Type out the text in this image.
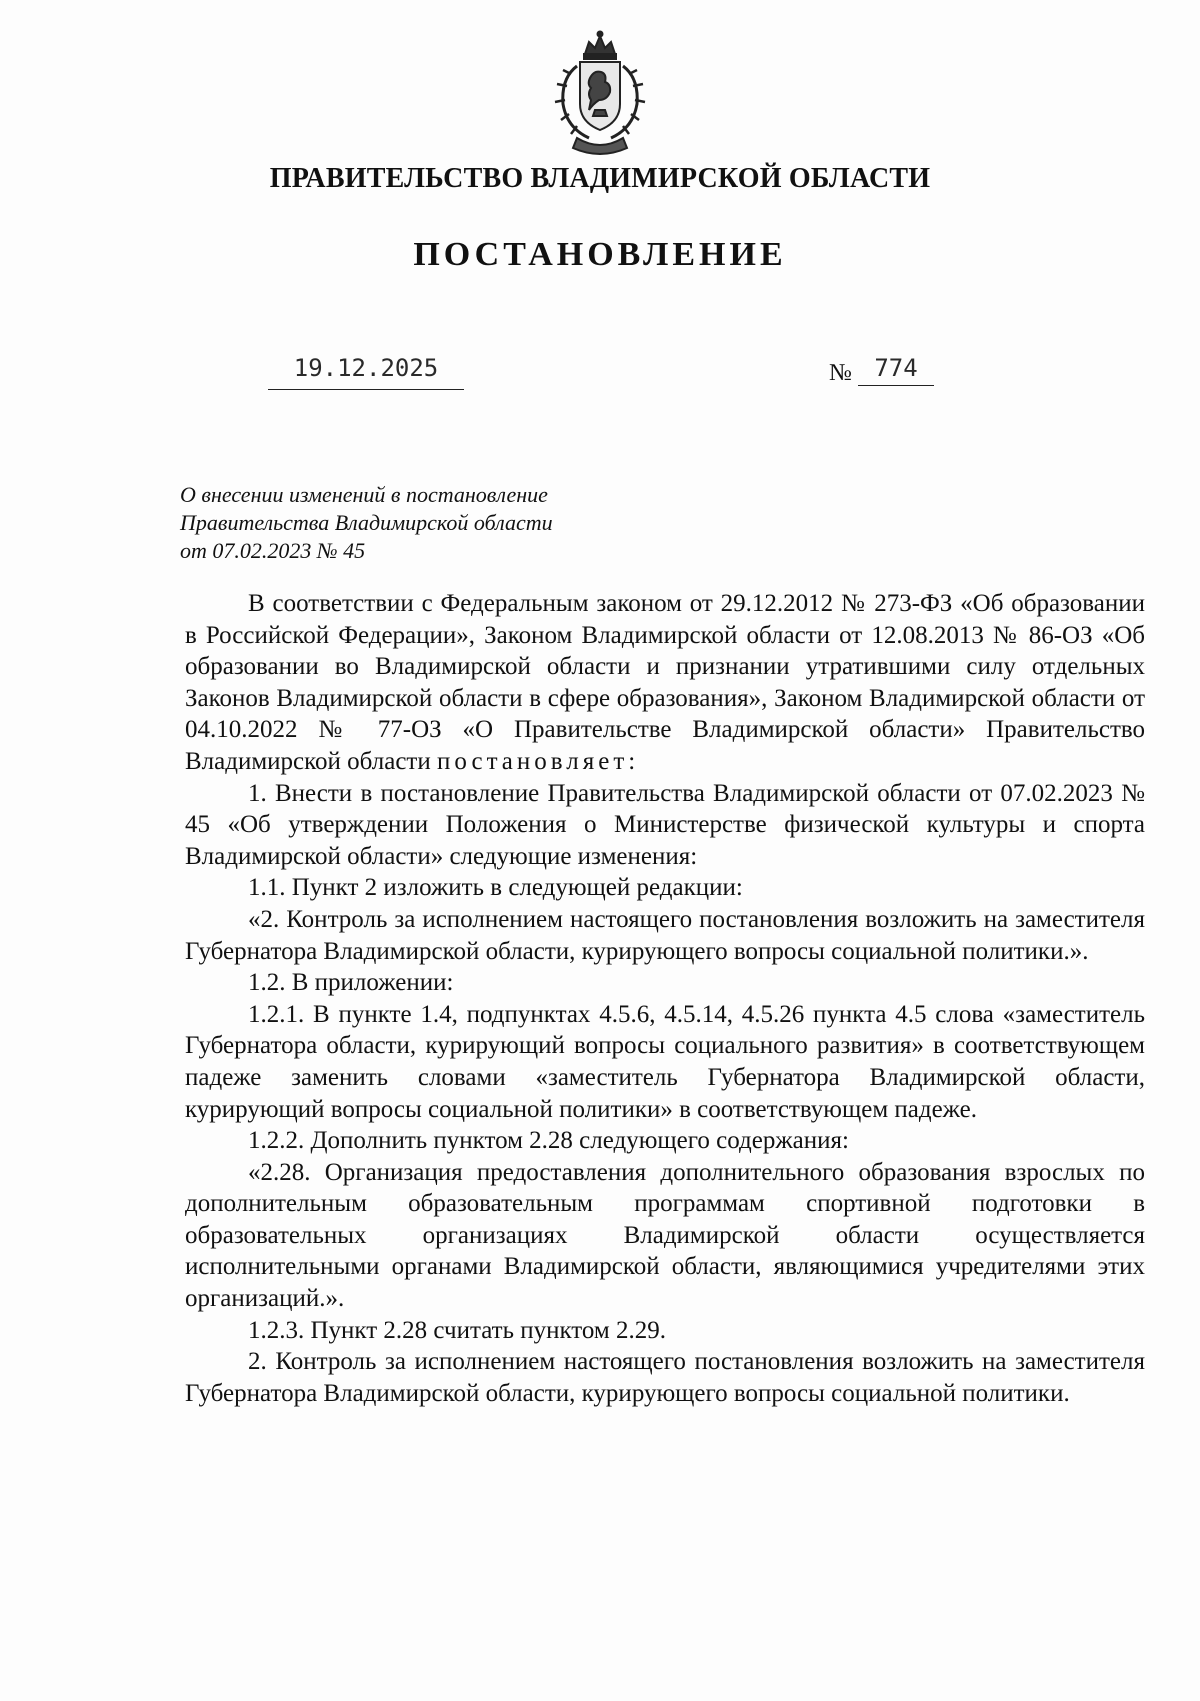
ПРАВИТЕЛЬСТВО ВЛАДИМИРСКОЙ ОБЛАСТИ
ПОСТАНОВЛЕНИЕ
19.12.2025	№ 774
О внесении изменений в постановление
Правительства Владимирской области
от 07.02.2023 № 45

В соответствии с Федеральным законом от 29.12.2012 № 273-ФЗ «Об образовании в Российской Федерации», Законом Владимирской области от 12.08.2013 № 86-ОЗ «Об образовании во Владимирской области и признании утратившими силу отдельных Законов Владимирской области в сфере образования», Законом Владимирской области от 04.10.2022 № 77-ОЗ «О Правительстве Владимирской области» Правительство Владимирской области постановляет:

1. Внести в постановление Правительства Владимирской области от 07.02.2023 № 45 «Об утверждении Положения о Министерстве физической культуры и спорта Владимирской области» следующие изменения:

1.1. Пункт 2 изложить в следующей редакции:

«2. Контроль за исполнением настоящего постановления возложить на заместителя Губернатора Владимирской области, курирующего вопросы социальной политики.».

1.2. В приложении:

1.2.1. В пункте 1.4, подпунктах 4.5.6, 4.5.14, 4.5.26 пункта 4.5 слова «заместитель Губернатора области, курирующий вопросы социального развития» в соответствующем падеже заменить словами «заместитель Губернатора Владимирской области, курирующий вопросы социальной политики» в соответствующем падеже.

1.2.2. Дополнить пунктом 2.28 следующего содержания:

«2.28. Организация предоставления дополнительного образования взрослых по дополнительным образовательным программам спортивной подготовки в образовательных организациях Владимирской области осуществляется исполнительными органами Владимирской области, являющимися учредителями этих организаций.».

1.2.3. Пункт 2.28 считать пунктом 2.29.

2. Контроль за исполнением настоящего постановления возложить на заместителя Губернатора Владимирской области, курирующего вопросы социальной политики.
